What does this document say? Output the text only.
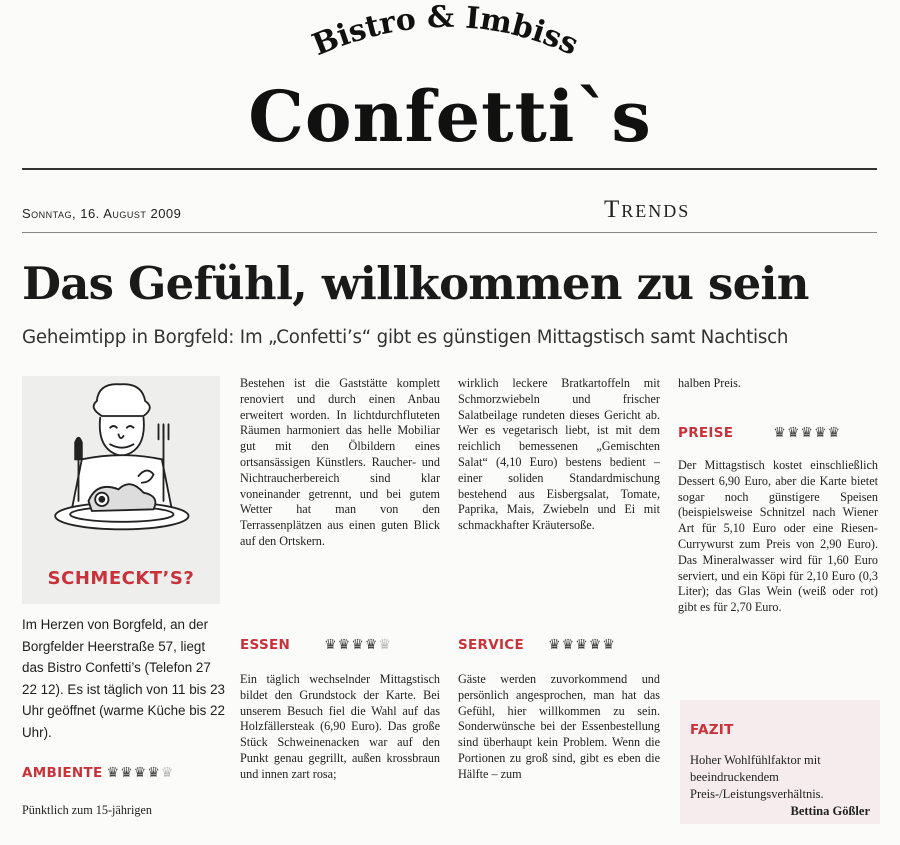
Bistro & Imbiss
Confetti`s
Sonntag, 16. August 2009	Trends
Das Gefühl, willkommen zu sein
Geheimtipp in Borgfeld: Im „Confetti’s“ gibt es günstigen Mittagstisch samt Nachtisch
SCHMECKT’S?
Im Herzen von Borgfeld, an der Borgfelder Heerstraße 57, liegt das Bistro Confetti’s (Telefon 27 22 12). Es ist täglich von 11 bis 23 Uhr geöffnet (warme Küche bis 22 Uhr).
AMBIENTE ♛♛♛♛♛
Pünktlich zum 15-jährigen
Bestehen ist die Gaststätte komplett renoviert und durch einen Anbau erweitert worden. In lichtdurchfluteten Räumen harmoniert das helle Mobiliar gut mit den Ölbildern eines ortsansässigen Künstlers. Raucher- und Nichtraucherbereich sind klar voneinander getrennt, und bei gutem Wetter hat man von den Terrassenplätzen aus einen guten Blick auf den Ortskern.
ESSEN ♛♛♛♛♛
Ein täglich wechselnder Mittagstisch bildet den Grundstock der Karte. Bei unserem Besuch fiel die Wahl auf das Holzfällersteak (6,90 Euro). Das große Stück Schweinenacken war auf den Punkt genau gegrillt, außen krossbraun und innen zart rosa;
wirklich leckere Bratkartoffeln mit Schmorzwiebeln und frischer Salatbeilage rundeten dieses Gericht ab. Wer es vegetarisch liebt, ist mit dem reichlich bemessenen „Gemischten Salat“ (4,10 Euro) bestens bedient – einer soliden Standardmischung bestehend aus Eisbergsalat, Tomate, Paprika, Mais, Zwiebeln und Ei mit schmackhafter Kräutersoße.
SERVICE ♛♛♛♛♛
Gäste werden zuvorkommend und persönlich angesprochen, man hat das Gefühl, hier willkommen zu sein. Sonderwünsche bei der Essenbestellung sind überhaupt kein Problem. Wenn die Portionen zu groß sind, gibt es eben die Hälfte – zum
halben Preis.
PREISE	♛♛♛♛♛
Der Mittagstisch kostet einschließlich Dessert 6,90 Euro, aber die Karte bietet sogar noch günstigere Speisen (beispielsweise Schnitzel nach Wiener Art für 5,10 Euro oder eine Riesen-Currywurst zum Preis von 2,90 Euro). Das Mineralwasser wird für 1,60 Euro serviert, und ein Köpi für 2,10 Euro (0,3 Liter); das Glas Wein (weiß oder rot) gibt es für 2,70 Euro.
FAZIT
Hoher Wohlfühlfaktor mit beeindruckendem Preis-/Leistungsverhältnis.
Bettina Gößler
